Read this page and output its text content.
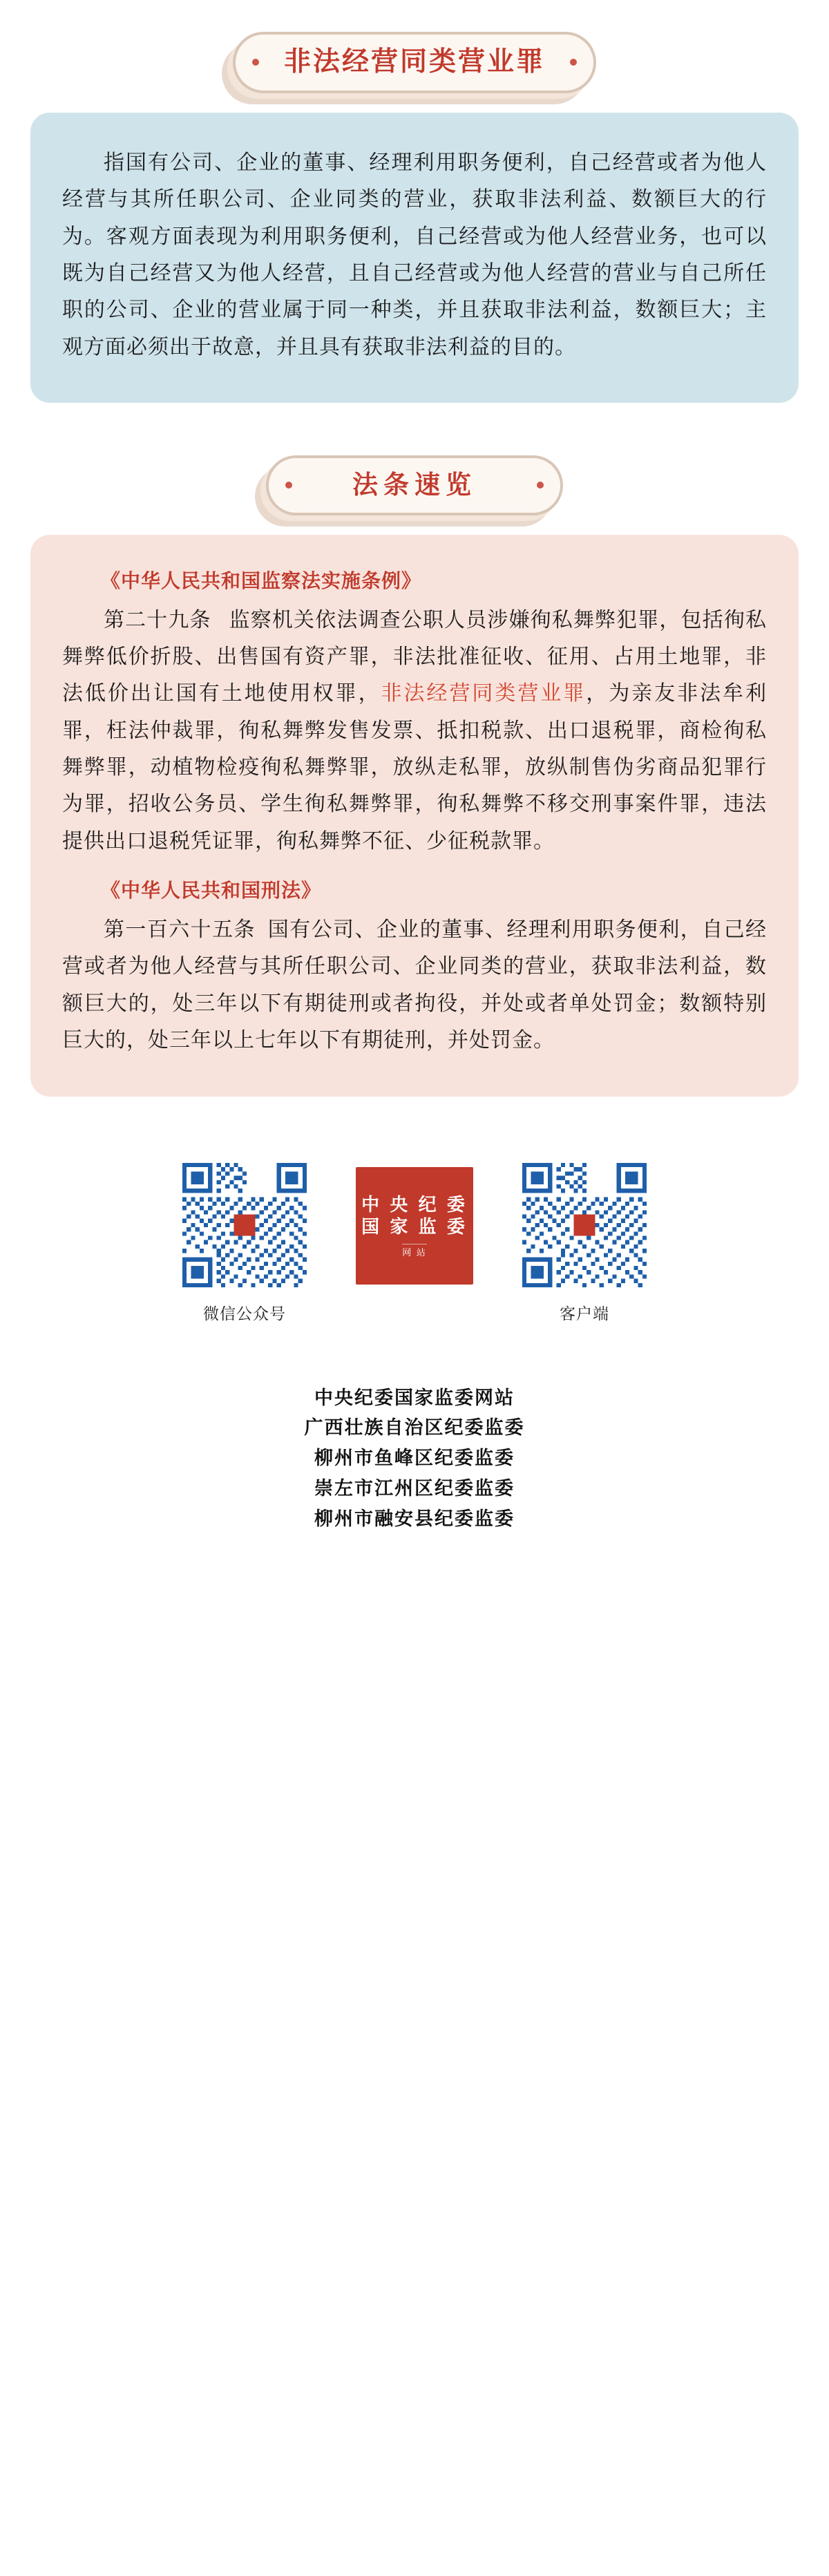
非法经营同类营业罪

指国有公司、企业的董事、经理利用职务便利，自己经营或者为他人经营与其所任职公司、企业同类的营业，获取非法利益、数额巨大的行为。客观方面表现为利用职务便利，自己经营或为他人经营业务，也可以既为自己经营又为他人经营，且自己经营或为他人经营的营业与自己所任职的公司、企业的营业属于同一种类，并且获取非法利益，数额巨大；主观方面必须出于故意，并且具有获取非法利益的目的。

法条速览
《中华人民共和国监察法实施条例》

第二十九条 监察机关依法调查公职人员涉嫌徇私舞弊犯罪，包括徇私舞弊低价折股、出售国有资产罪，非法批准征收、征用、占用土地罪，非法低价出让国有土地使用权罪，非法经营同类营业罪，为亲友非法牟利罪，枉法仲裁罪，徇私舞弊发售发票、抵扣税款、出口退税罪，商检徇私舞弊罪，动植物检疫徇私舞弊罪，放纵走私罪，放纵制售伪劣商品犯罪行为罪，招收公务员、学生徇私舞弊罪，徇私舞弊不移交刑事案件罪，违法提供出口退税凭证罪，徇私舞弊不征、少征税款罪。

《中华人民共和国刑法》

第一百六十五条 国有公司、企业的董事、经理利用职务便利，自己经营或者为他人经营与其所任职公司、企业同类的营业，获取非法利益，数额巨大的，处三年以下有期徒刑或者拘役，并处或者单处罚金；数额特别巨大的，处三年以上七年以下有期徒刑，并处罚金。

微信公众号
中 央 纪 委
国 家 监 委
网 站
客户端
中央纪委国家监委网站
广西壮族自治区纪委监委
柳州市鱼峰区纪委监委
崇左市江州区纪委监委
柳州市融安县纪委监委
